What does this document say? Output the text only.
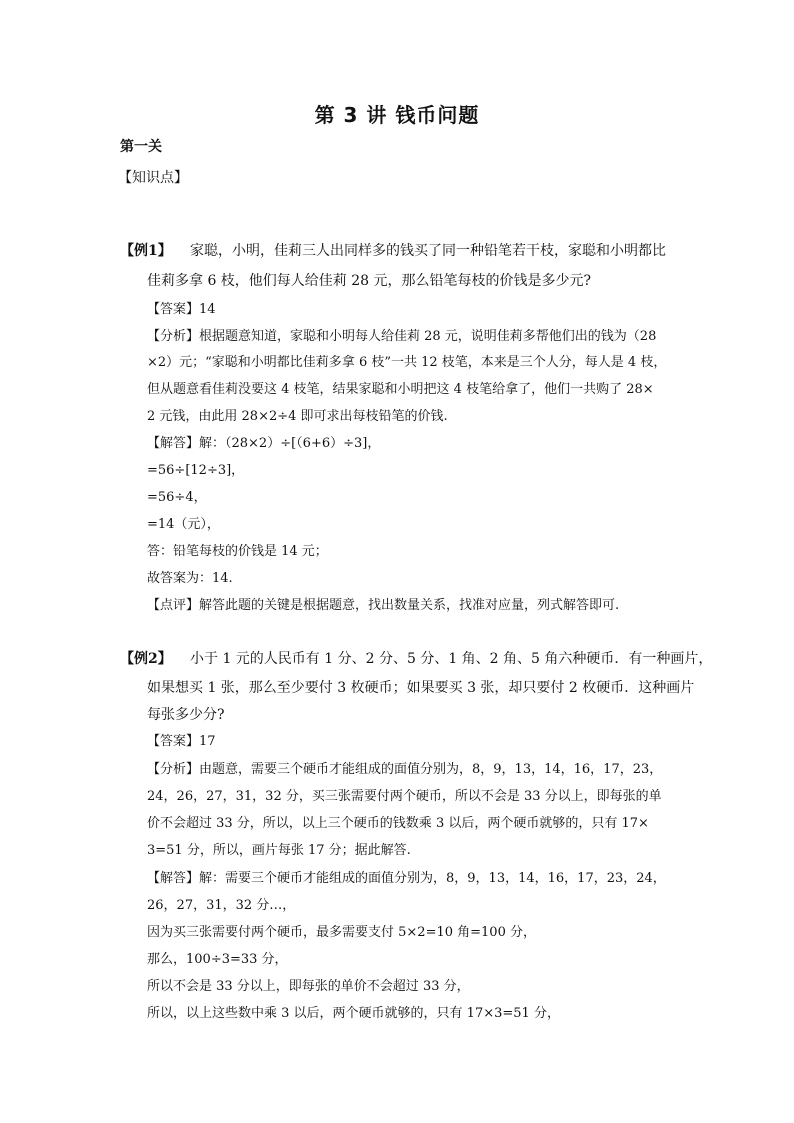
第 3 讲 钱币问题
第一关
【知识点】
【例1】 家聪，小明，佳莉三人出同样多的钱买了同一种铅笔若干枝，家聪和小明都比
佳莉多拿 6 枝，他们每人给佳莉 28 元，那么铅笔每枝的价钱是多少元?
【答案】14
【分析】根据题意知道，家聪和小明每人给佳莉 28 元，说明佳莉多帮他们出的钱为（28
×2）元；“家聪和小明都比佳莉多拿 6 枝”一共 12 枝笔，本来是三个人分，每人是 4 枝，
但从题意看佳莉没要这 4 枝笔，结果家聪和小明把这 4 枝笔给拿了，他们一共购了 28×
2 元钱，由此用 28×2÷4 即可求出每枝铅笔的价钱.
【解答】解：（28×2）÷[（6+6）÷3]，
=56÷[12÷3]，
=56÷4，
=14（元），
答：铅笔每枝的价钱是 14 元；
故答案为：14.
【点评】解答此题的关键是根据题意，找出数量关系，找准对应量，列式解答即可.
【例2】 小于 1 元的人民币有 1 分、2 分、5 分、1 角、2 角、5 角六种硬币．有一种画片，
如果想买 1 张，那么至少要付 3 枚硬币；如果要买 3 张，却只要付 2 枚硬币．这种画片
每张多少分?
【答案】17
【分析】由题意，需要三个硬币才能组成的面值分别为，8，9，13，14，16，17，23，
24，26，27，31，32 分，买三张需要付两个硬币，所以不会是 33 分以上，即每张的单
价不会超过 33 分，所以，以上三个硬币的钱数乘 3 以后，两个硬币就够的，只有 17×
3=51 分，所以，画片每张 17 分；据此解答.
【解答】解：需要三个硬币才能组成的面值分别为，8，9，13，14，16，17，23，24，
26，27，31，32 分…，
因为买三张需要付两个硬币，最多需要支付 5×2=10 角=100 分，
那么，100÷3=33 分，
所以不会是 33 分以上，即每张的单价不会超过 33 分，
所以，以上这些数中乘 3 以后，两个硬币就够的，只有 17×3=51 分，
